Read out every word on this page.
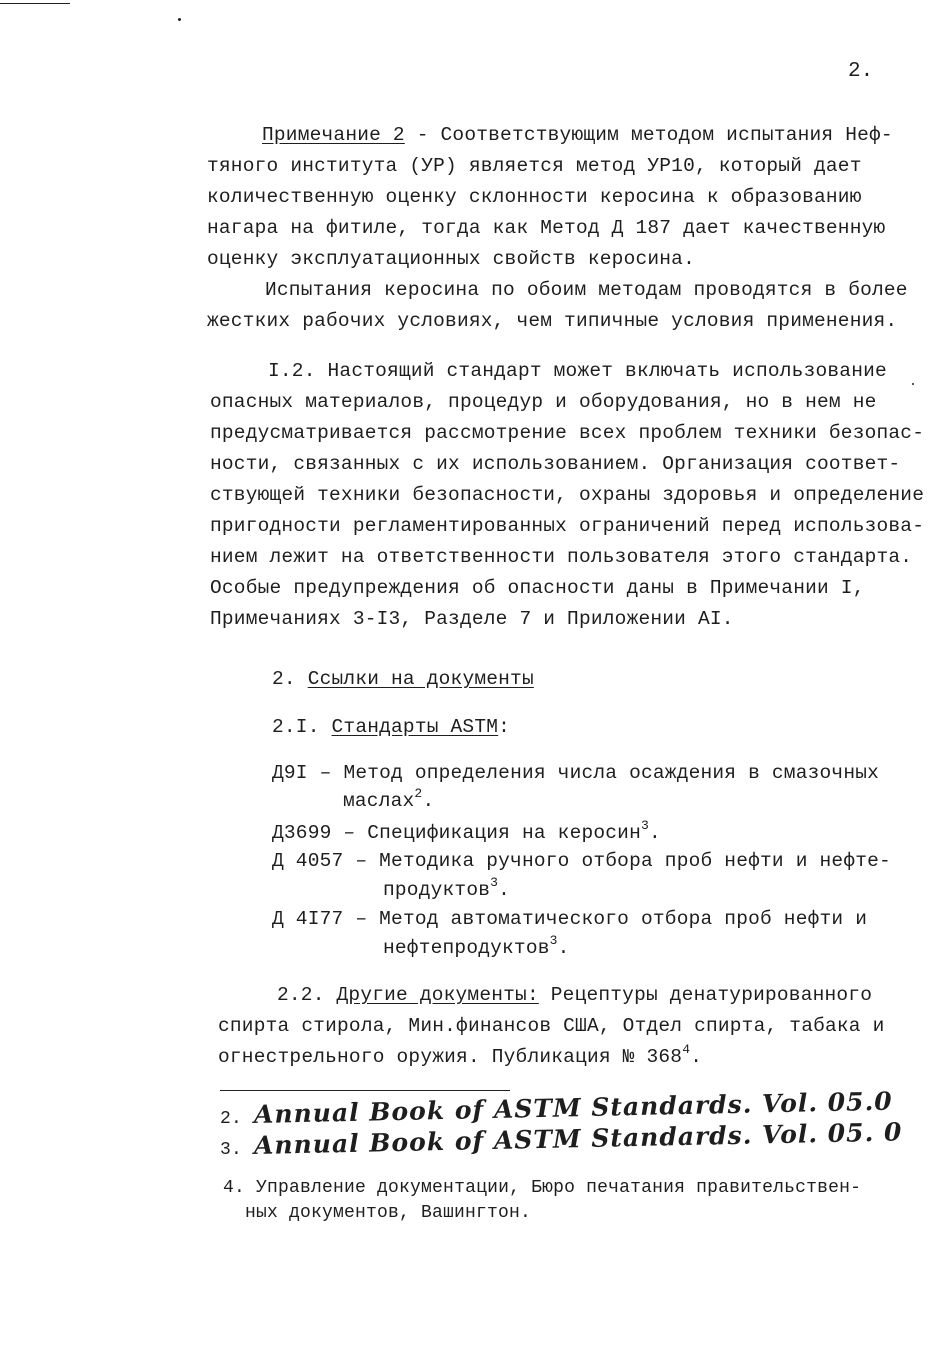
2.
Примечание 2 - Соответствующим методом испытания Неф-
тяного института (УР) является метод УР10, который дает
количественную оценку склонности керосина к образованию
нагара на фитиле, тогда как Метод Д 187 дает качественную
оценку эксплуатационных свойств керосина.
Испытания керосина по обоим методам проводятся в более
жестких рабочих условиях, чем типичные условия применения.
I.2. Настоящий стандарт может включать использование
опасных материалов, процедур и оборудования, но в нем не
предусматривается рассмотрение всех проблем техники безопас-
ности, связанных с их использованием. Организация соответ-
ствующей техники безопасности, охраны здоровья и определение
пригодности регламентированных ограничений перед использова-
нием лежит на ответственности пользователя этого стандарта.
Особые предупреждения об опасности даны в Примечании I,
Примечаниях 3-I3, Разделе 7 и Приложении AI.
2. Ссылки на документы
2.I. Стандарты ASTM:
Д9I – Метод определения числа осаждения в смазочных
маслах$^2$.
Д3699 – Спецификация на керосин$^3$.
Д 4057 – Методика ручного отбора проб нефти и нефте-
продуктов$^3$.
Д 4I77 – Метод автоматического отбора проб нефти и
нефтепродуктов$^3$.
2.2. Другие документы: Рецептуры денатурированного
спирта стирола, Мин.финансов США, Отдел спирта, табака и
огнестрельного оружия. Публикация № $368^4$.
2. Annual Book of ASTM Standards. Vol. 05.0
3. Annual Book of ASTM Standards. Vol. 05. 0
4. Управление документации, Бюро печатания правительствен-
ных документов, Вашингтон.
